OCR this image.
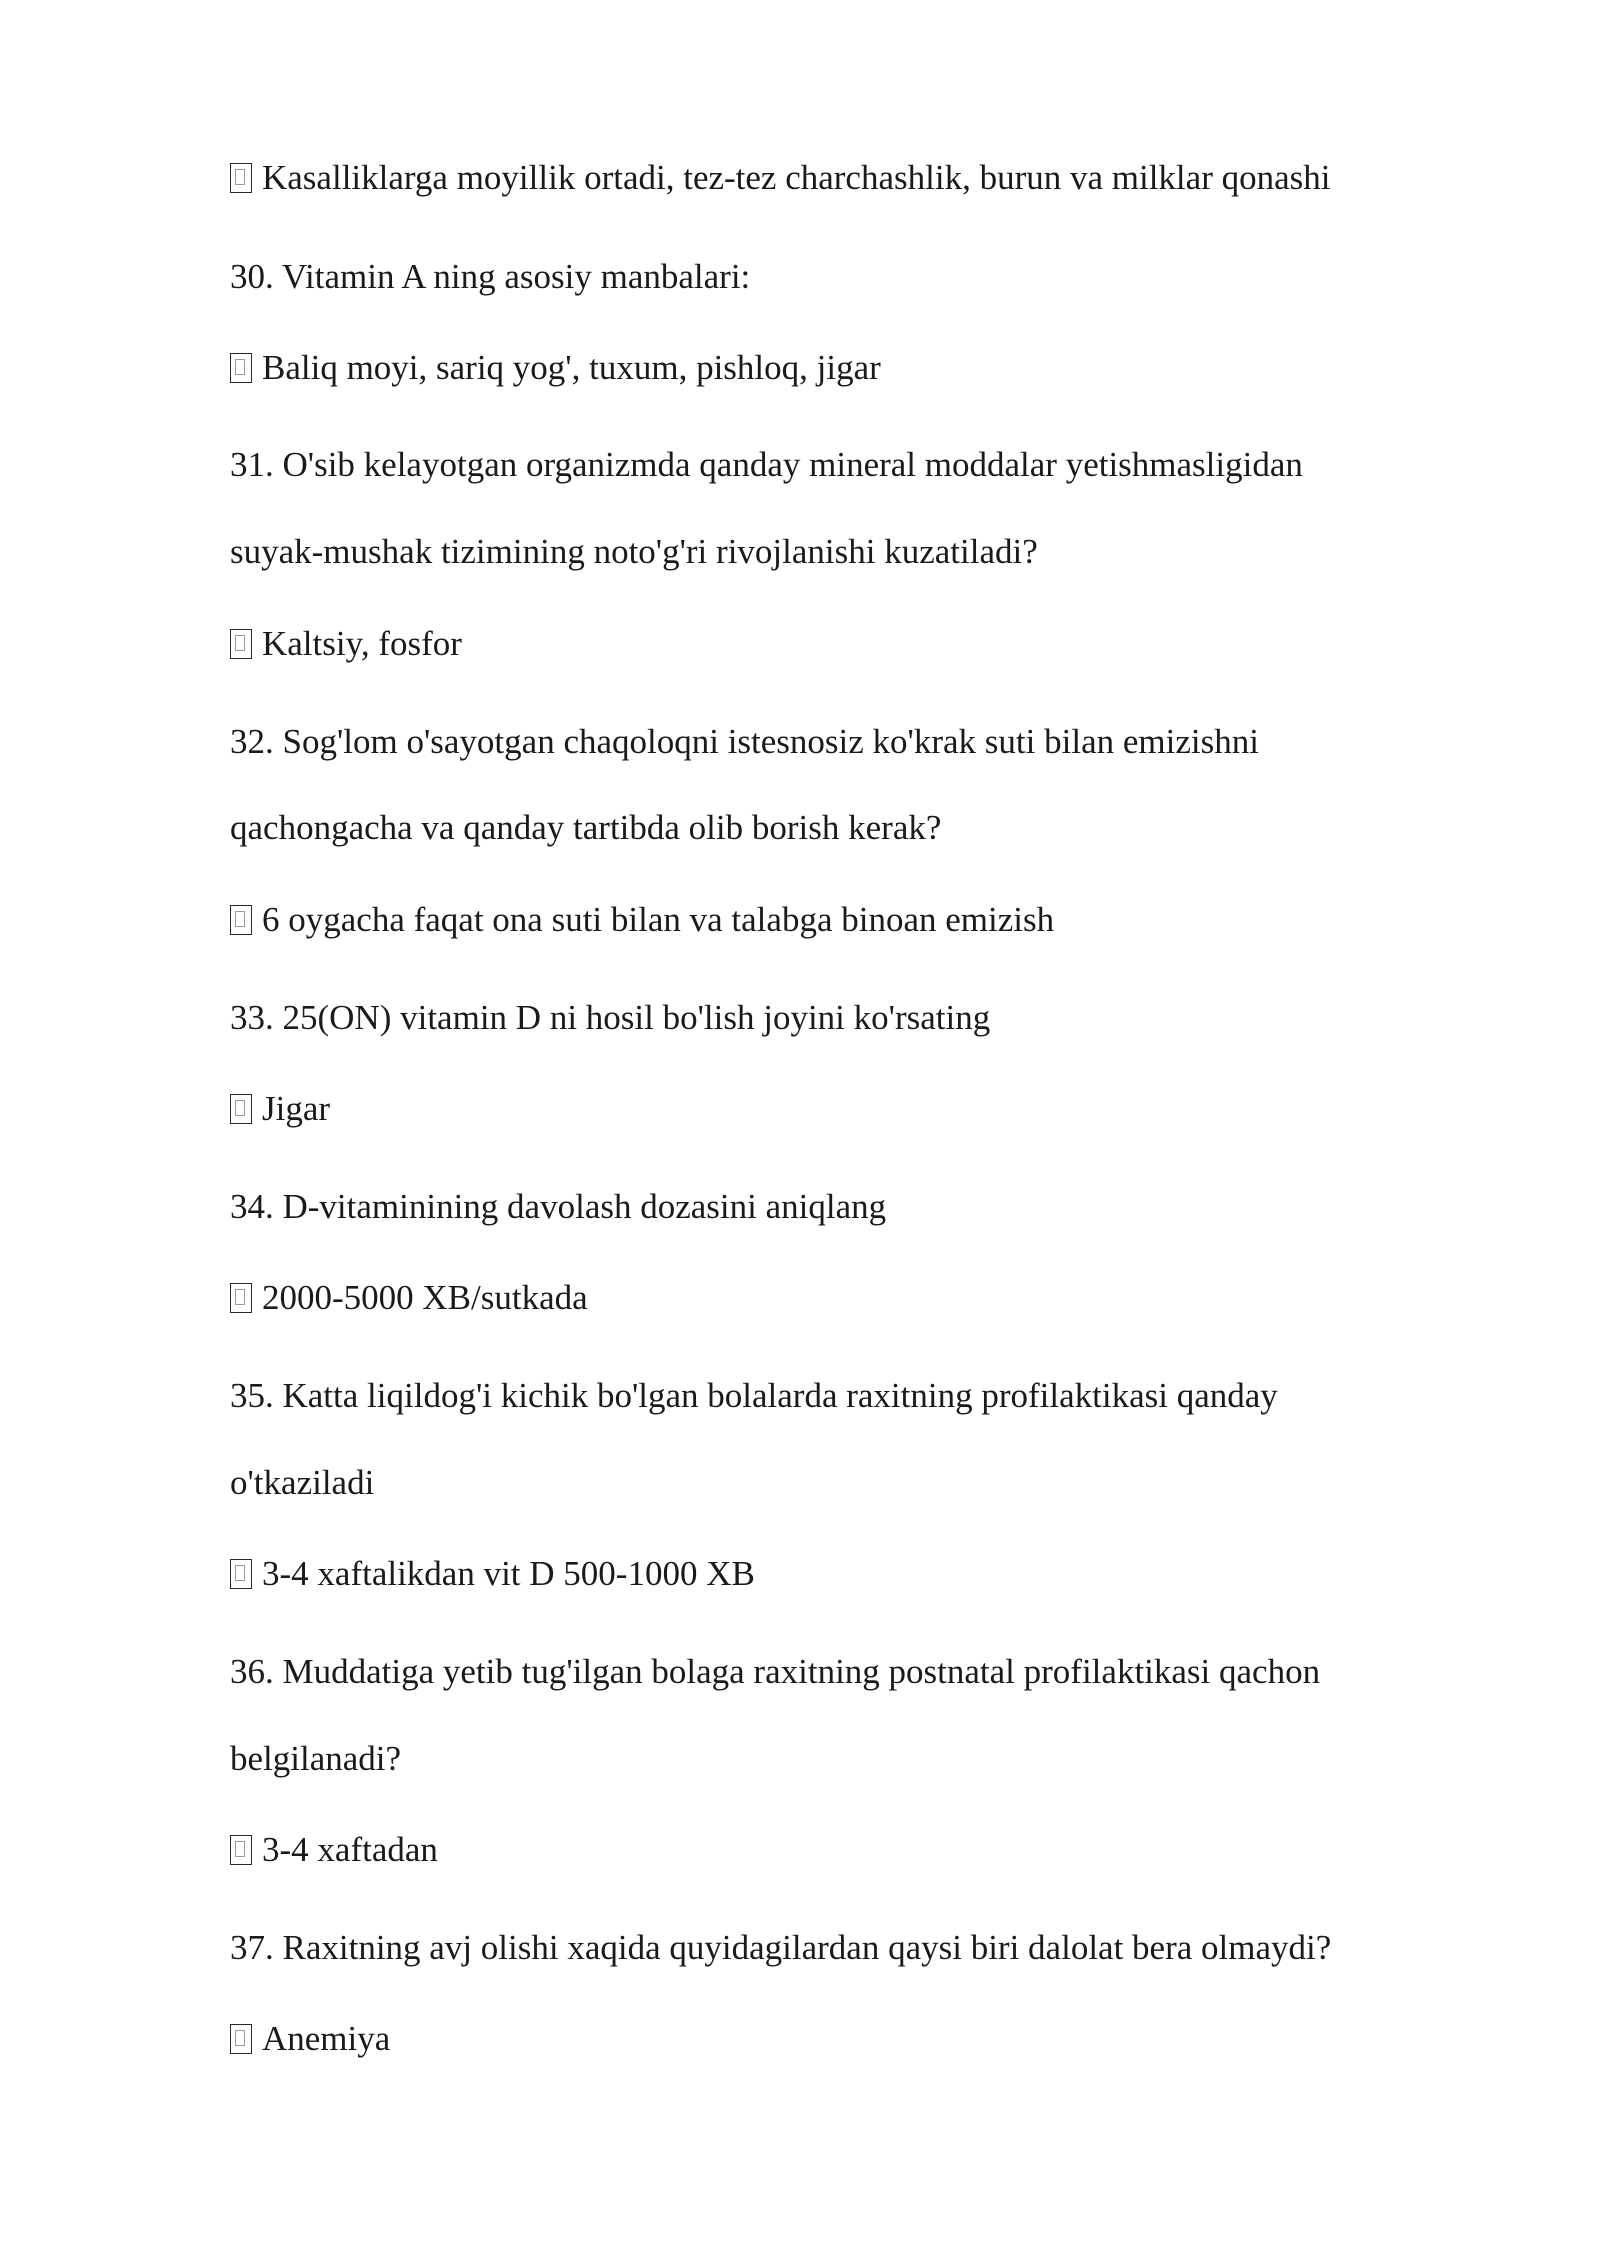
Kasalliklarga moyillik ortadi, tez-tez charchashlik, burun va milklar qonashi
30. Vitamin A ning asosiy manbalari:
Baliq moyi, sariq yog', tuxum, pishloq, jigar
31. O'sib kelayotgan organizmda qanday mineral moddalar yetishmasligidan
suyak-mushak tizimining noto'g'ri rivojlanishi kuzatiladi?
Kaltsiy, fosfor
32. Sog'lom o'sayotgan chaqoloqni istesnosiz ko'krak suti bilan emizishni
qachongacha va qanday tartibda olib borish kerak?
6 oygacha faqat ona suti bilan va talabga binoan emizish
33. 25(ON) vitamin D ni hosil bo'lish joyini ko'rsating
Jigar
34. D-vitaminining davolash dozasini aniqlang
2000-5000 XB/sutkada
35. Katta liqildog'i kichik bo'lgan bolalarda raxitning profilaktikasi qanday
o'tkaziladi
3-4 xaftalikdan vit D 500-1000 XB
36. Muddatiga yetib tug'ilgan bolaga raxitning postnatal profilaktikasi qachon
belgilanadi?
3-4 xaftadan
37. Raxitning avj olishi xaqida quyidagilardan qaysi biri dalolat bera olmaydi?
Anemiya
